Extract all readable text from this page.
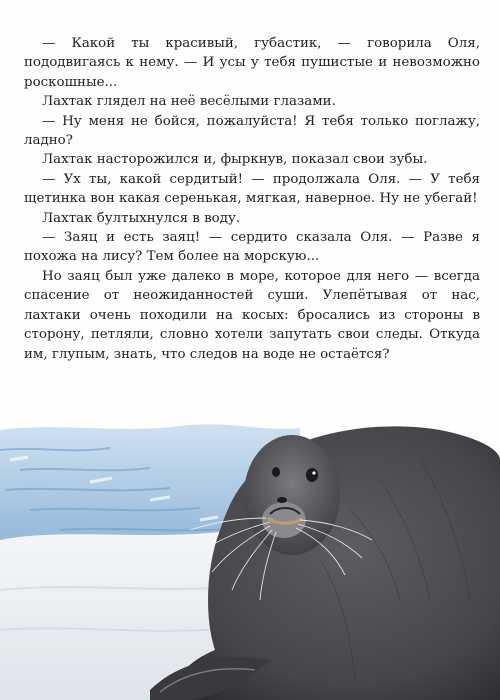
— Какой ты красивый, губастик, — говорила Оля, пододвигаясь к нему. — И усы у тебя пушистые и невозможно роскошные...

Лахтак глядел на неё весёлыми глазами.

— Ну меня не бойся, пожалуйста! Я тебя только поглажу, ладно?

Лахтак насторожился и, фыркнув, показал свои зубы.

— Ух ты, какой сердитый! — продолжала Оля. — У тебя щетинка вон какая серенькая, мягкая, наверное. Ну не убегай!

Лахтак бултыхнулся в воду.

— Заяц и есть заяц! — сердито сказала Оля. — Разве я похожа на лису? Тем более на морскую...

Но заяц был уже далеко в море, которое для него — всегда спасение от неожиданностей суши. Улепётывая от нас, лахтаки очень походили на косых: бросались из стороны в сторону, петляли, словно хотели запутать свои следы. Откуда им, глупым, знать, что следов на воде не остаётся?
